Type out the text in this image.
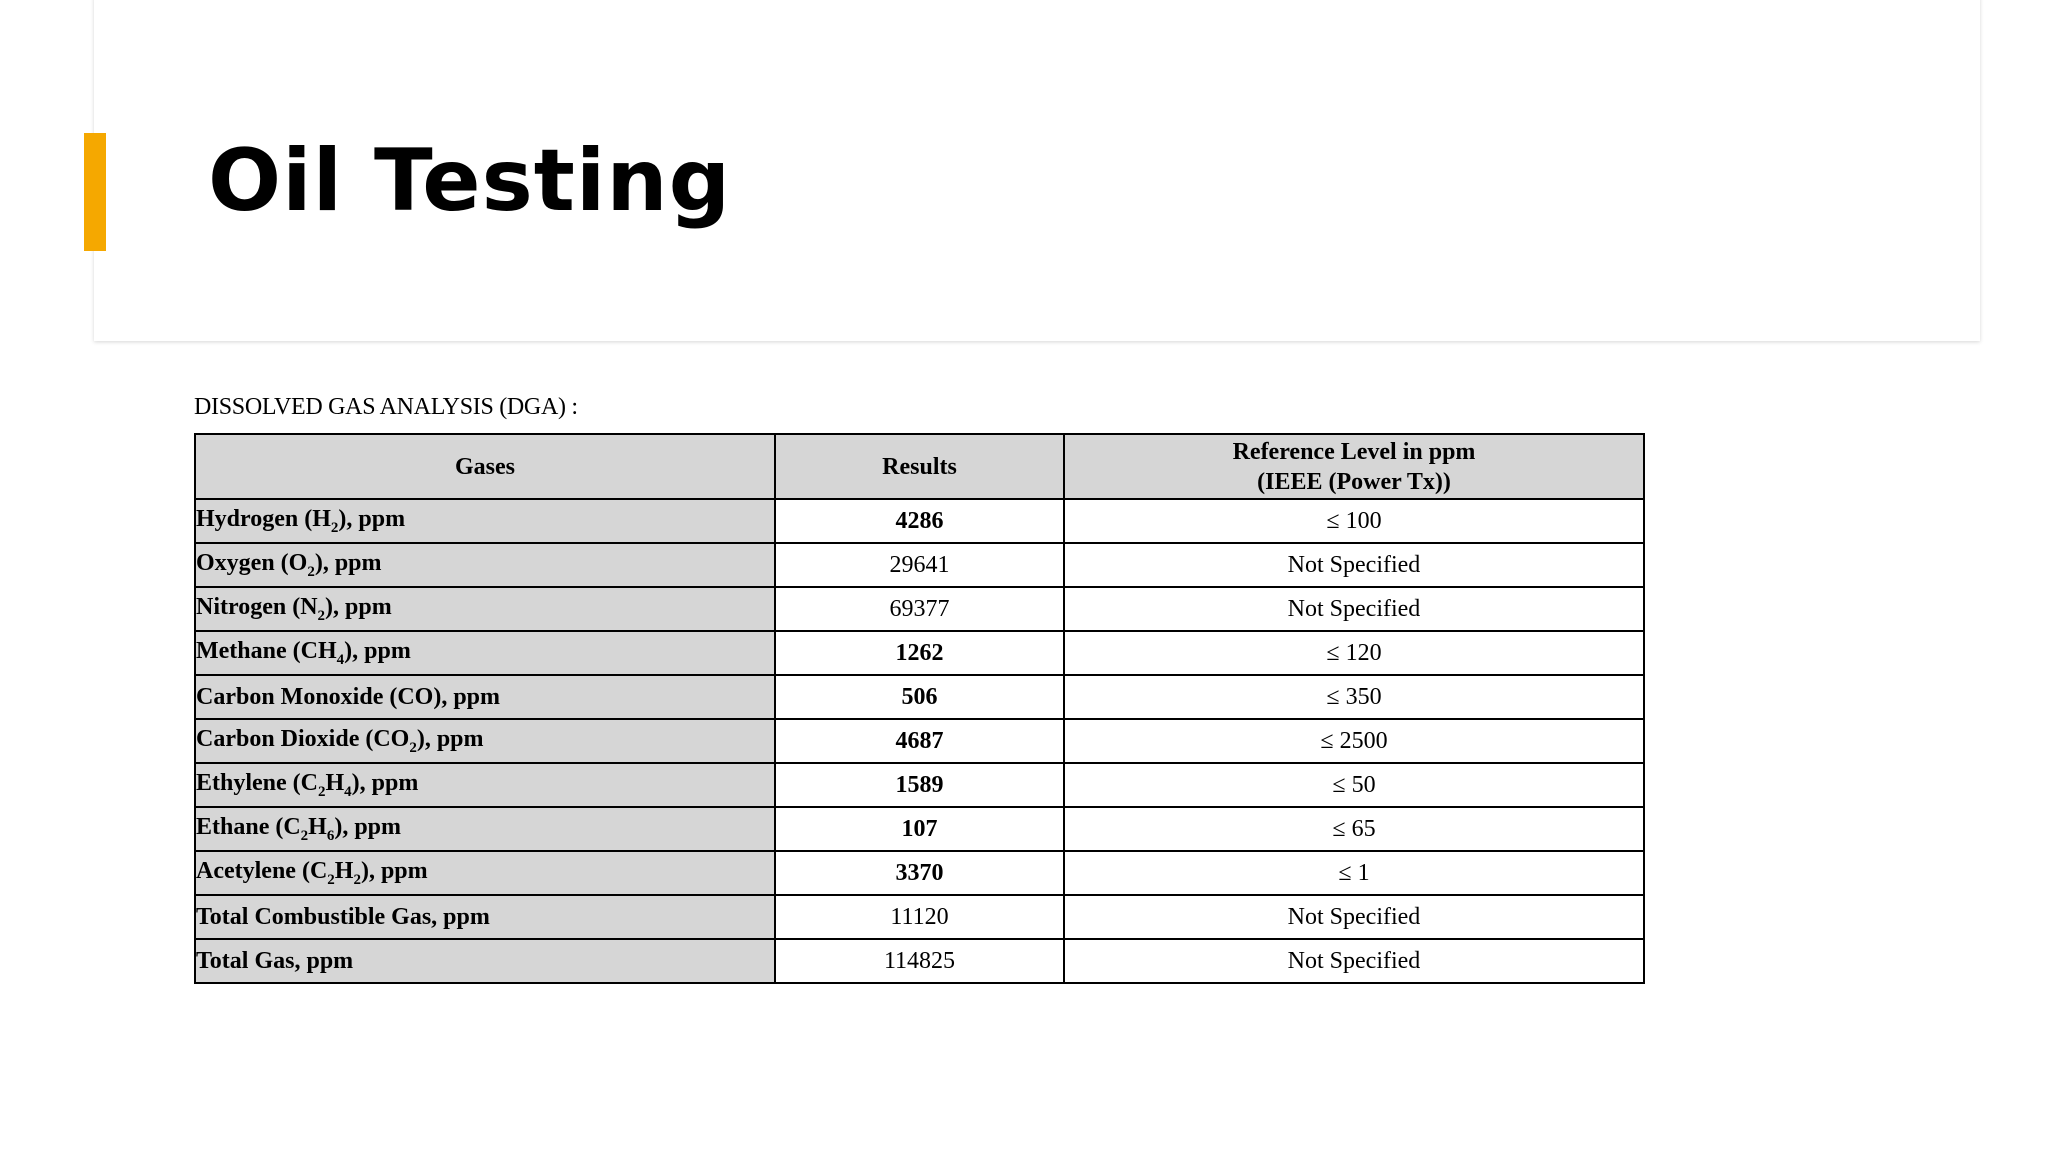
Oil Testing
DISSOLVED GAS ANALYSIS (DGA) :
Gases	Results	Reference Level in ppm
(IEEE (Power Tx))

Hydrogen $(H_2)$, ppm	4286	≤ 100
Oxygen $(O_2)$, ppm	29641	Not Specified
Nitrogen $(N_2)$, ppm	69377	Not Specified
Methane $(CH_4)$, ppm	1262	≤ 120
Carbon Monoxide (CO), ppm	506	≤ 350
Carbon Dioxide $(CO_2)$, ppm	4687	≤ 2500
Ethylene $(C_2H_4)$, ppm	1589	≤ 50
Ethane $(C_2H_6)$, ppm	107	≤ 65
Acetylene $(C_2H_2)$, ppm	3370	≤ 1
Total Combustible Gas, ppm	11120	Not Specified
Total Gas, ppm	114825	Not Specified
